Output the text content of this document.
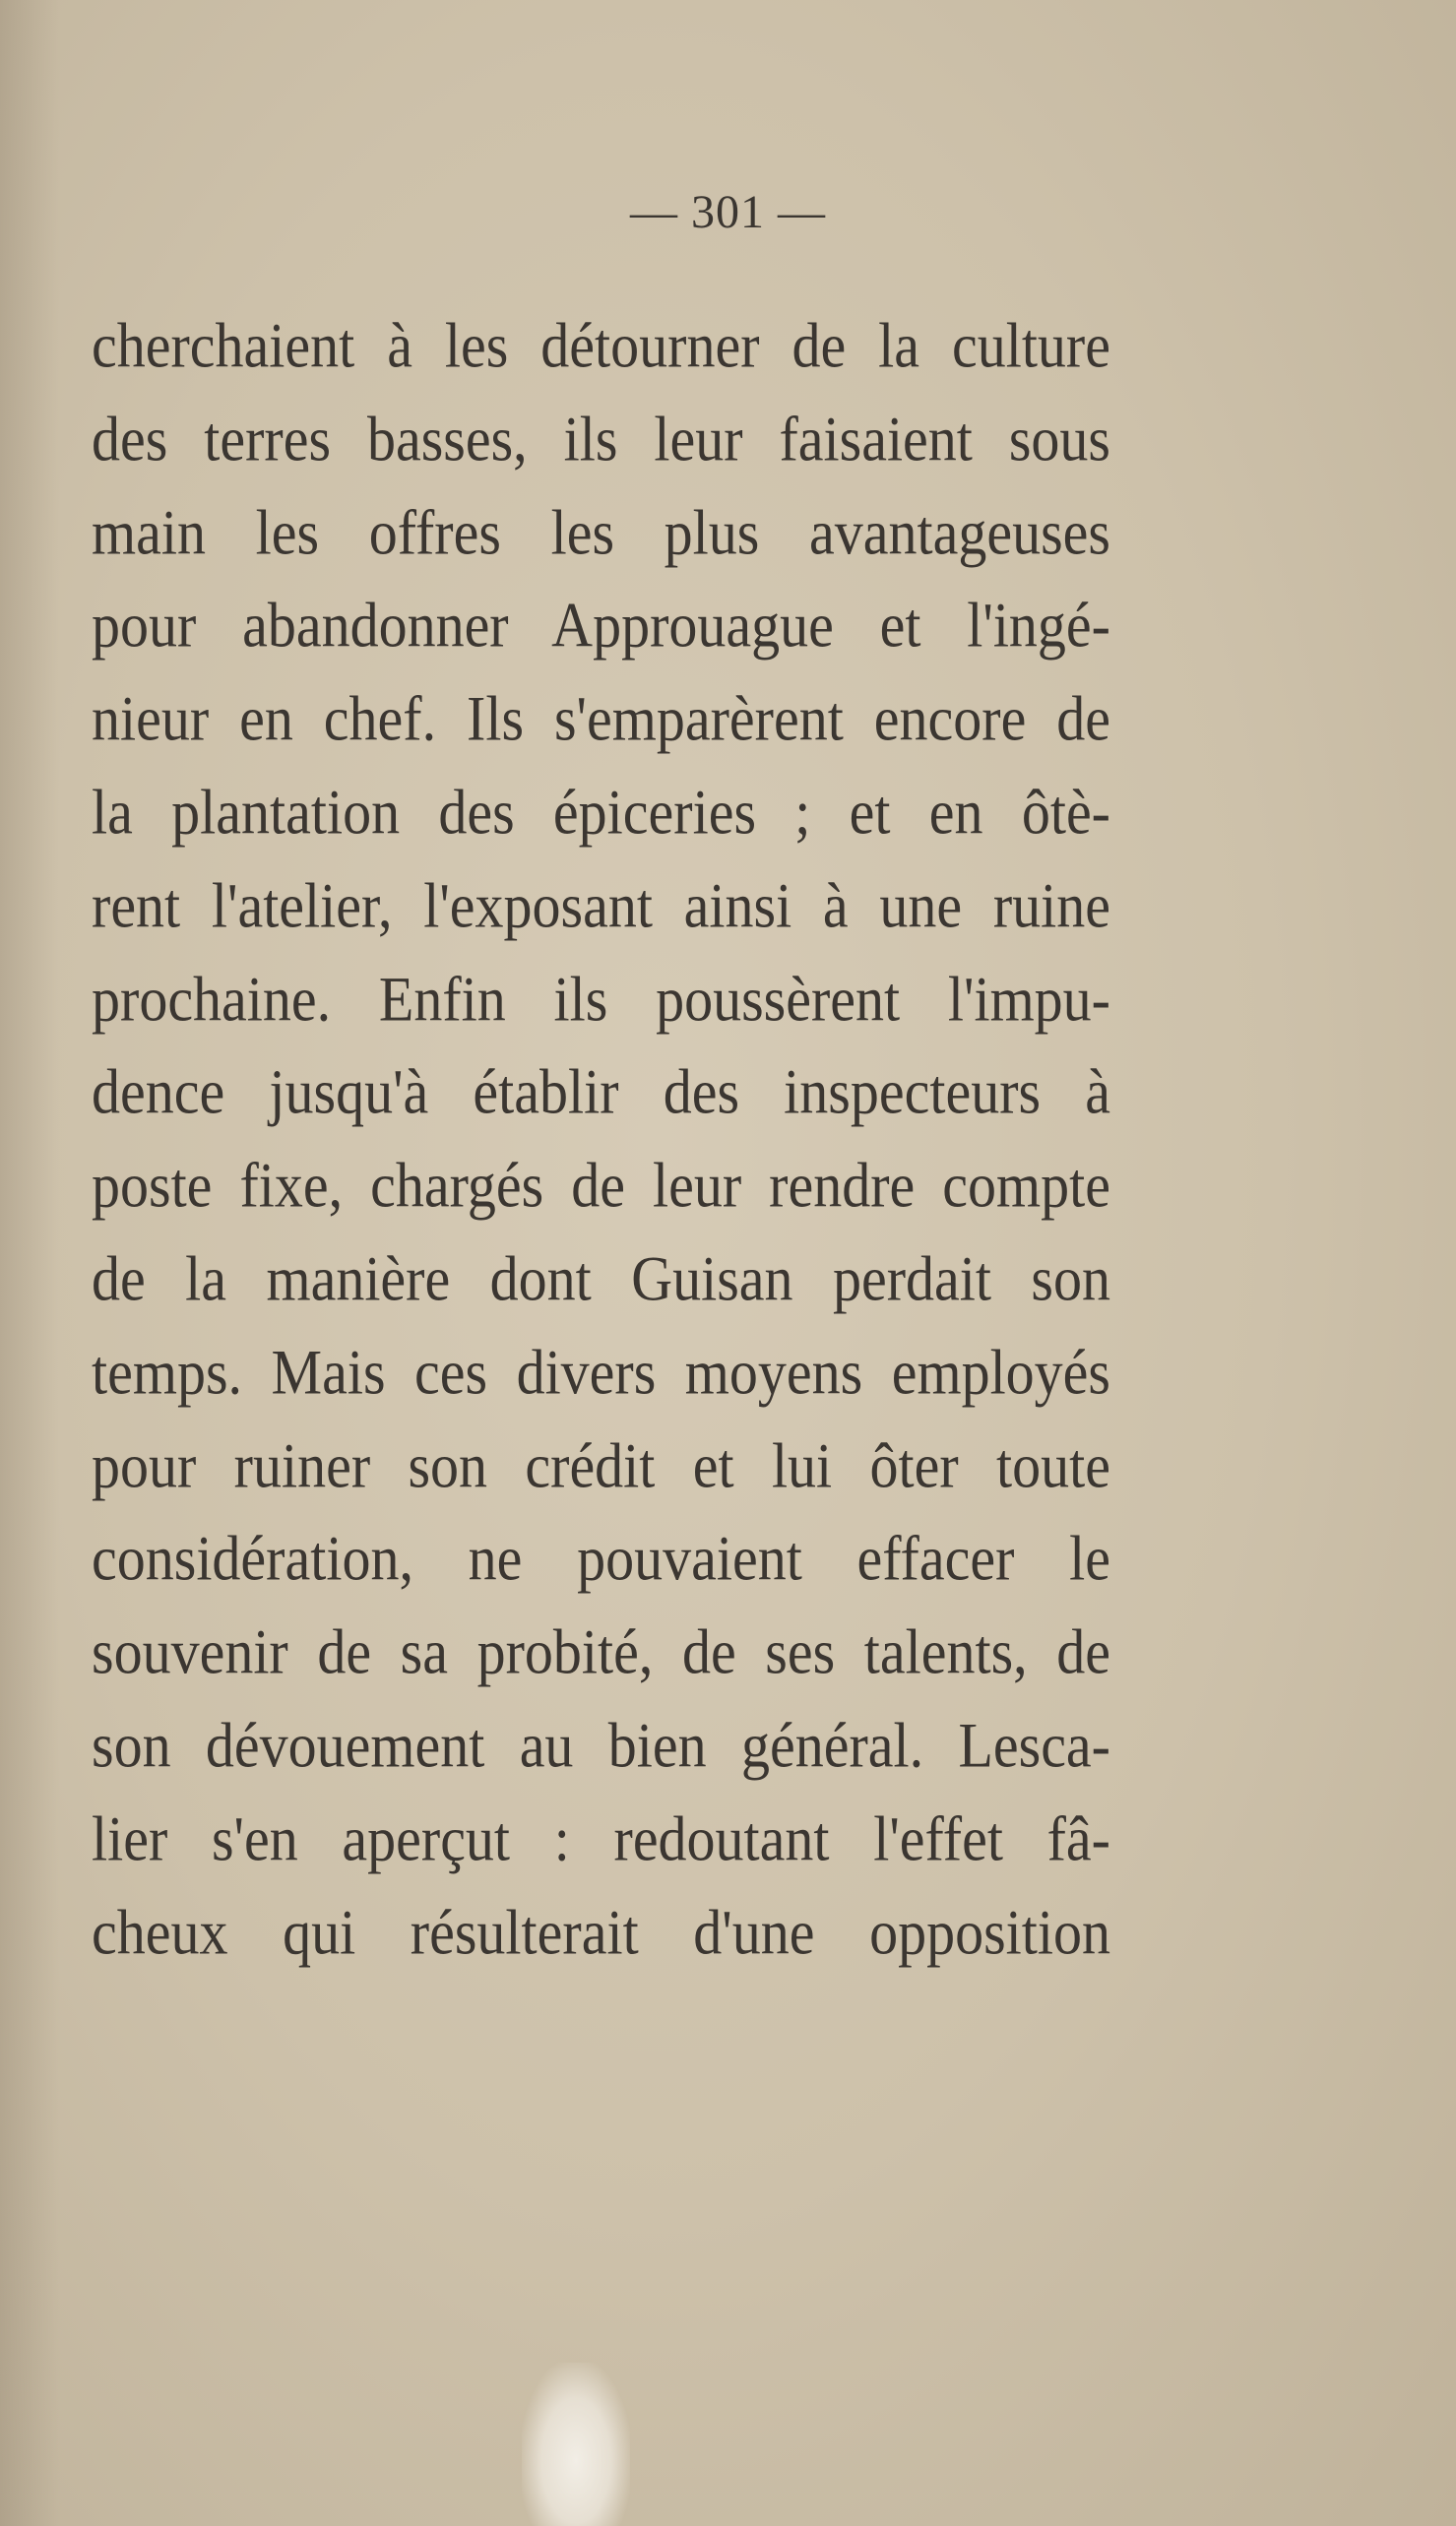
— 301 —
cherchaient à les détourner de la culture
des terres basses, ils leur faisaient sous
main les offres les plus avantageuses
pour abandonner Approuague et l'ingé-
nieur en chef. Ils s'emparèrent encore de
la plantation des épiceries ; et en ôtè-
rent l'atelier, l'exposant ainsi à une ruine
prochaine. Enfin ils poussèrent l'impu-
dence jusqu'à établir des inspecteurs à
poste fixe, chargés de leur rendre compte
de la manière dont Guisan perdait son
temps. Mais ces divers moyens employés
pour ruiner son crédit et lui ôter toute
considération, ne pouvaient effacer le
souvenir de sa probité, de ses talents, de
son dévouement au bien général. Lesca-
lier s'en aperçut : redoutant l'effet fâ-
cheux qui résulterait d'une opposition
